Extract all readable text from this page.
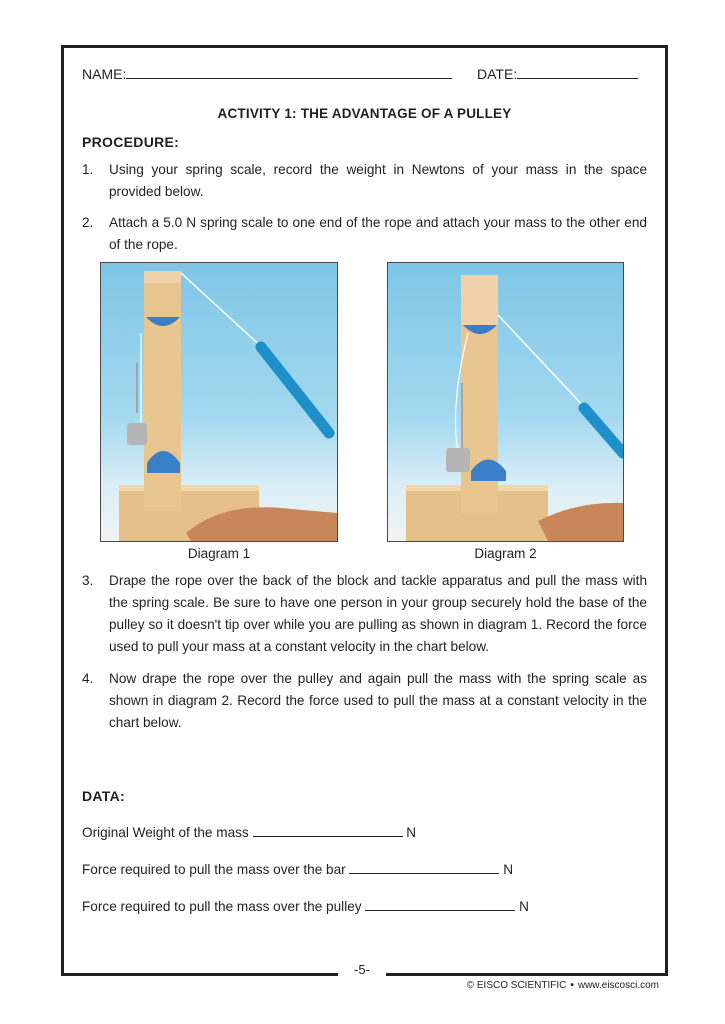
-5-
© EISCO SCIENTIFIC • www.eiscosci.com
NAME:	DATE:
ACTIVITY 1: THE ADVANTAGE OF A PULLEY
PROCEDURE:
1. Using your spring scale, record the weight in Newtons of your mass in the space provided below.
2. Attach a 5.0 N spring scale to one end of the rope and attach your mass to the other end of the rope.
Diagram 1	Diagram 2
3. Drape the rope over the back of the block and tackle apparatus and pull the mass with the spring scale. Be sure to have one person in your group securely hold the base of the pulley so it doesn't tip over while you are pulling as shown in diagram 1. Record the force used to pull your mass at a constant velocity in the chart below.
4. Now drape the rope over the pulley and again pull the mass with the spring scale as shown in diagram 2. Record the force used to pull the mass at a constant velocity in the chart below.
DATA:
Original Weight of the mass	N
Force required to pull the mass over the bar	N
Force required to pull the mass over the pulley	N
